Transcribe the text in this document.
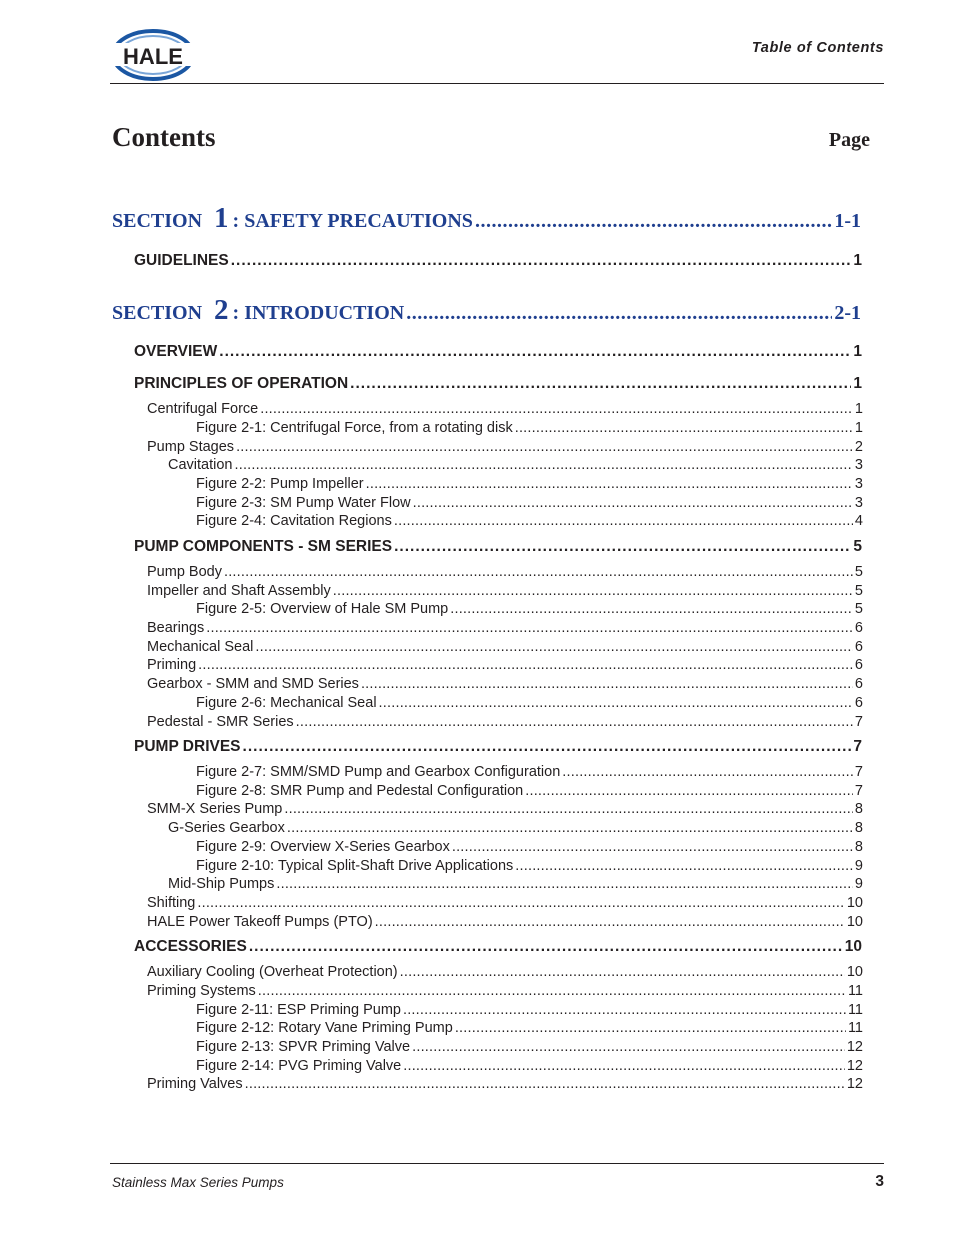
HALE	Table of Contents
Contents	Page
SECTION 1 : SAFETY PRECAUTIONS .....	1-1
GUIDELINES .....	1
SECTION 2 : INTRODUCTION .....	2-1
OVERVIEW .....	1
PRINCIPLES OF OPERATION .....	1
Centrifugal Force .....	1
Figure 2-1: Centrifugal Force, from a rotating disk .....	1
Pump Stages .....	2
Cavitation .....	3
Figure 2-2: Pump Impeller .....	3
Figure 2-3: SM Pump Water Flow .....	3
Figure 2-4: Cavitation Regions .....	4
PUMP COMPONENTS - SM SERIES .....	5
Pump Body .....	5
Impeller and Shaft Assembly .....	5
Figure 2-5: Overview of Hale SM Pump .....	5
Bearings .....	6
Mechanical Seal .....	6
Priming .....	6
Gearbox - SMM and SMD Series .....	6
Figure 2-6: Mechanical Seal .....	6
Pedestal - SMR Series .....	7
PUMP DRIVES .....	7
Figure 2-7: SMM/SMD Pump and Gearbox Configuration .....	7
Figure 2-8: SMR Pump and Pedestal Configuration .....	7
SMM-X Series Pump .....	8
G-Series Gearbox .....	8
Figure 2-9: Overview X-Series Gearbox .....	8
Figure 2-10: Typical Split-Shaft Drive Applications .....	9
Mid-Ship Pumps .....	9
Shifting .....	10
HALE Power Takeoff Pumps (PTO) .....	10
ACCESSORIES .....	10
Auxiliary Cooling (Overheat Protection) .....	10
Priming Systems .....	11
Figure 2-11: ESP Priming Pump .....	11
Figure 2-12: Rotary Vane Priming Pump .....	11
Figure 2-13: SPVR Priming Valve .....	12
Figure 2-14: PVG Priming Valve .....	12
Priming Valves .....	12
Stainless Max Series Pumps	3
